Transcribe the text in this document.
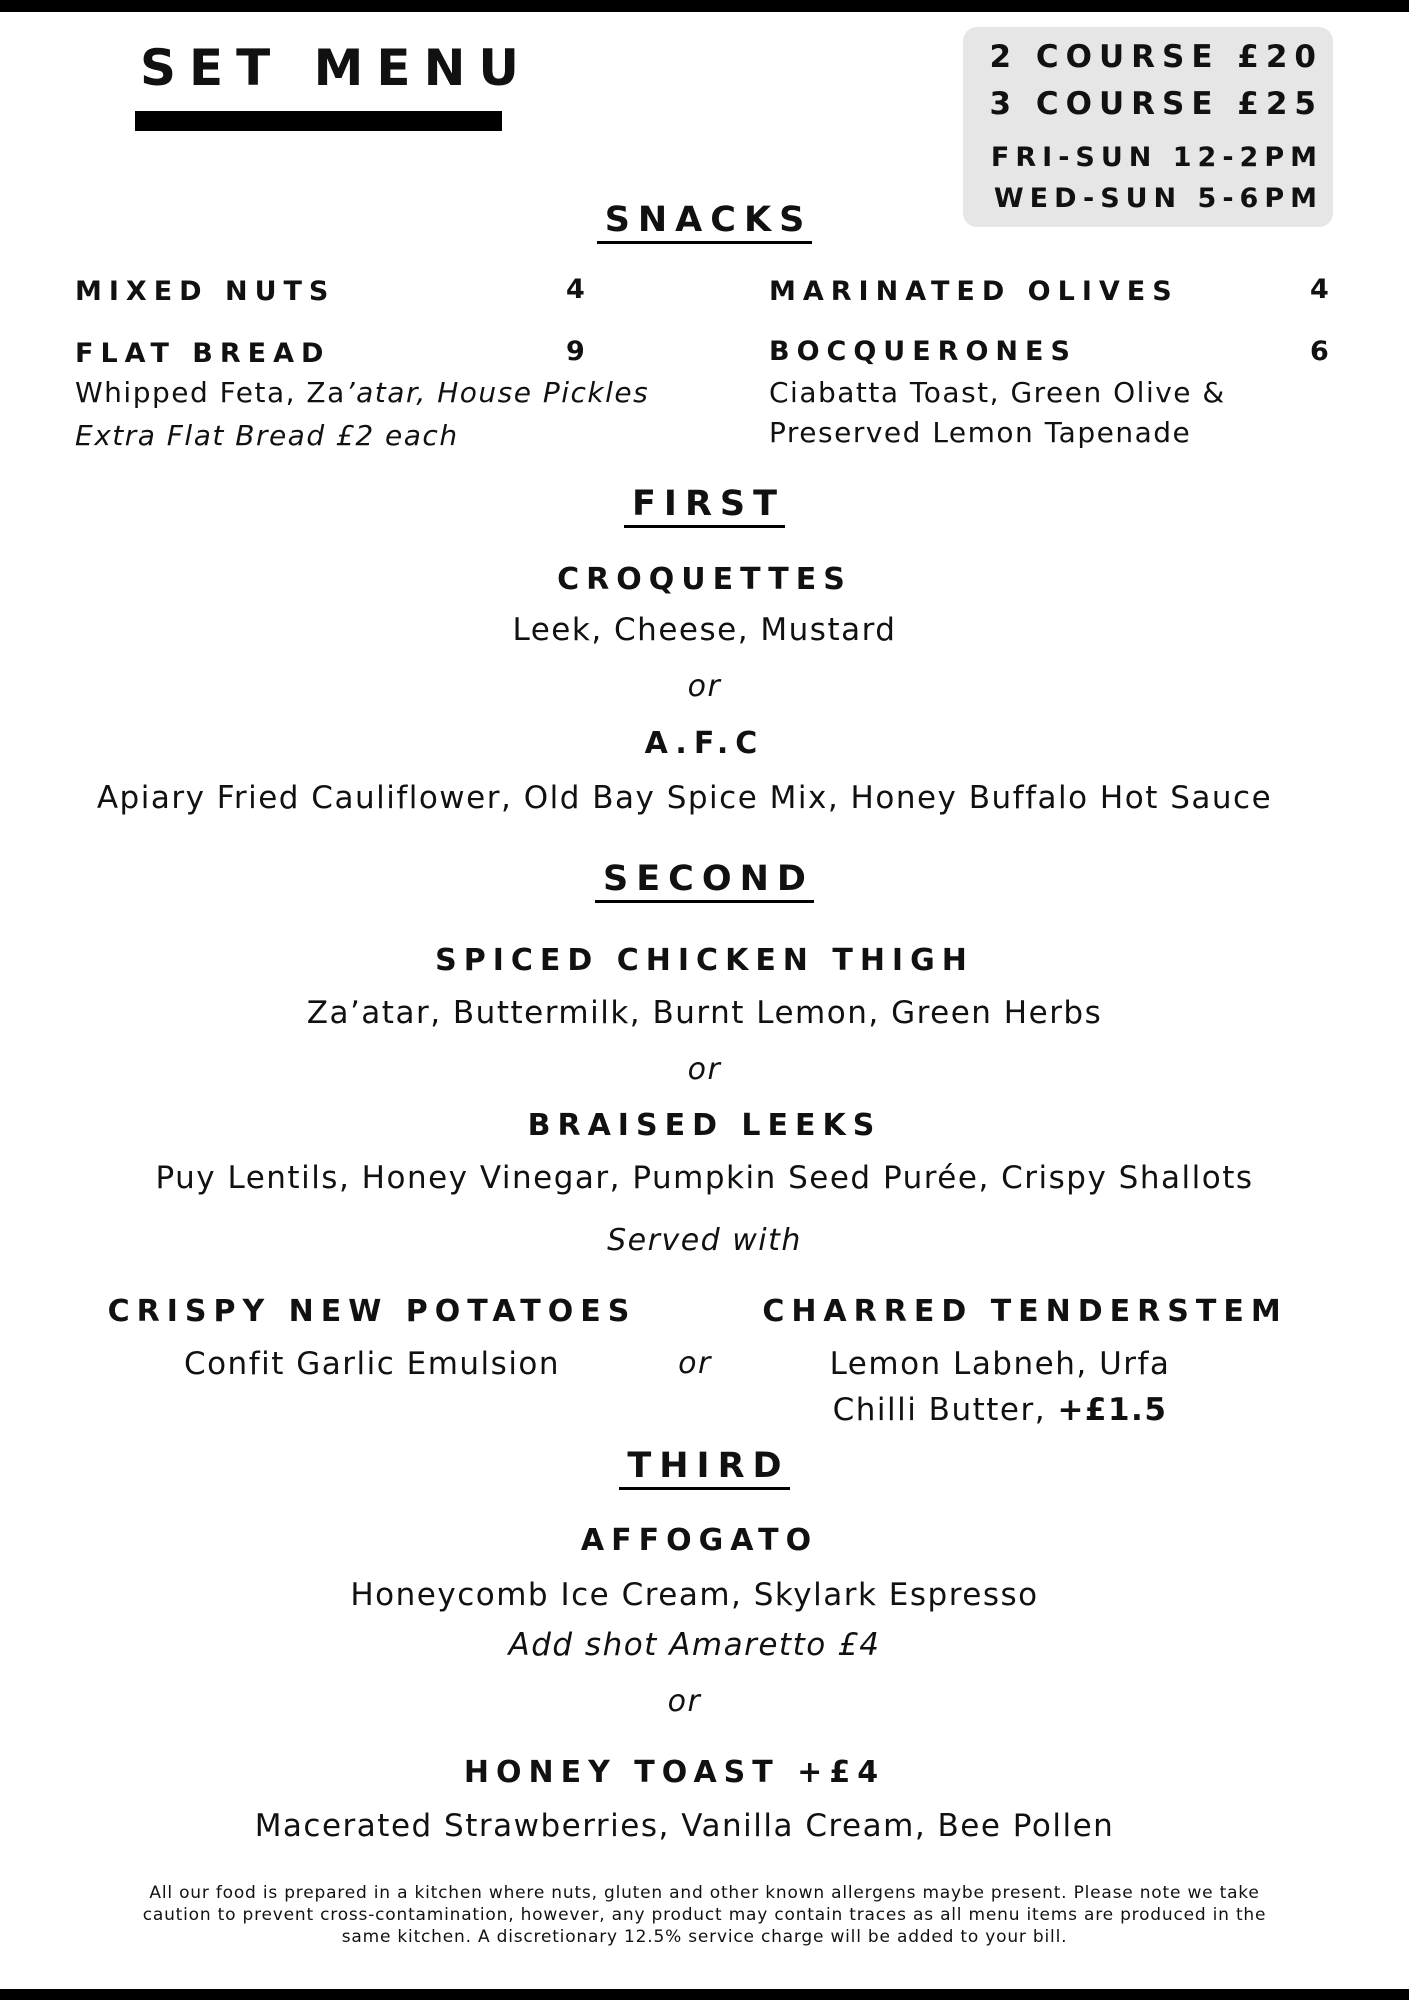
SET MENU	2 COURSE £20
3 COURSE £25
FRI-SUN 12-2PM
WED-SUN 5-6PM
SNACKS
MIXED NUTS	4
FLAT BREAD	9
Whipped Feta, Za’atar, House Pickles
Extra Flat Bread £2 each
MARINATED OLIVES	4
BOCQUERONES	6
Ciabatta Toast, Green Olive &
Preserved Lemon Tapenade
FIRST
CROQUETTES
Leek, Cheese, Mustard
or
A.F.C
Apiary Fried Cauliflower, Old Bay Spice Mix, Honey Buffalo Hot Sauce
SECOND
SPICED CHICKEN THIGH
Za’atar, Buttermilk, Burnt Lemon, Green Herbs
or
BRAISED LEEKS
Puy Lentils, Honey Vinegar, Pumpkin Seed Purée, Crispy Shallots
Served with
CRISPY NEW POTATOES
Confit Garlic Emulsion	or
CHARRED TENDERSTEM
Lemon Labneh, Urfa
Chilli Butter, +£1.5
THIRD
AFFOGATO
Honeycomb Ice Cream, Skylark Espresso
Add shot Amaretto £4
or
HONEY TOAST +£4
Macerated Strawberries, Vanilla Cream, Bee Pollen
All our food is prepared in a kitchen where nuts, gluten and other known allergens maybe present. Please note we take
caution to prevent cross-contamination, however, any product may contain traces as all menu items are produced in the
same kitchen. A discretionary 12.5% service charge will be added to your bill.
